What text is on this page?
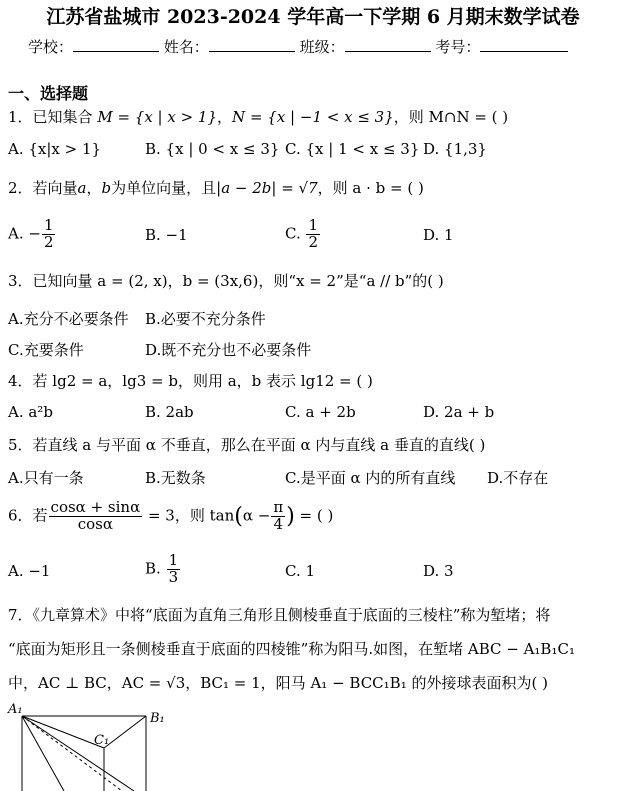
江苏省盐城市 2023-2024 学年高一下学期 6 月期末数学试卷
学校：	姓名：	班级：	考号：
一、选择题
1．已知集合 M = {x | x > 1}，N = {x | −1 < x ≤ 3}，则 M∩N = ( )
A. {x|x > 1}	B. {x | 0 < x ≤ 3} C. {x | 1 < x ≤ 3} D. {1,3}
2．若向量a，b为单位向量，且|a − 2b| = √7，则 a · b = ( )
A. − $\frac{1}{2}$	B. −1	C. $\frac{1}{2}$	D. 1
3．已知向量 a = (2, x)，b = (3x,6)，则“x = 2”是“a // b”的( )
A.充分不必要条件 B.必要不充分条件
C.充要条件	D.既不充分也不必要条件
4．若 lg2 = a，lg3 = b，则用 a，b 表示 lg12 = ( )
A. a²b	B. 2ab	C. a + 2b	D. 2a + b
5．若直线 a 与平面 α 不垂直，那么在平面 α 内与直线 a 垂直的直线( )
A.只有一条	B.无数条	C.是平面 α 内的所有直线 D.不存在
6．若 $\frac{\cos\alpha + \sin\alpha}{\cos\alpha} = 3$，则 $\tan(\alpha - \frac{\pi}{4}$ ) = ( )
A. −1	B. $\frac{1}{3}$	C. 1	D. 3
7．《九章算术》中将“底面为直角三角形且侧棱垂直于底面的三棱柱”称为堑堵；将
“底面为矩形且一条侧棱垂直于底面的四棱锥”称为阳马.如图，在堑堵 ABC − A₁B₁C₁
中，AC ⊥ BC，AC = √3，BC₁ = 1，阳马 A₁ − BCC₁B₁ 的外接球表面积为( )
A₁
B₁
C₁
